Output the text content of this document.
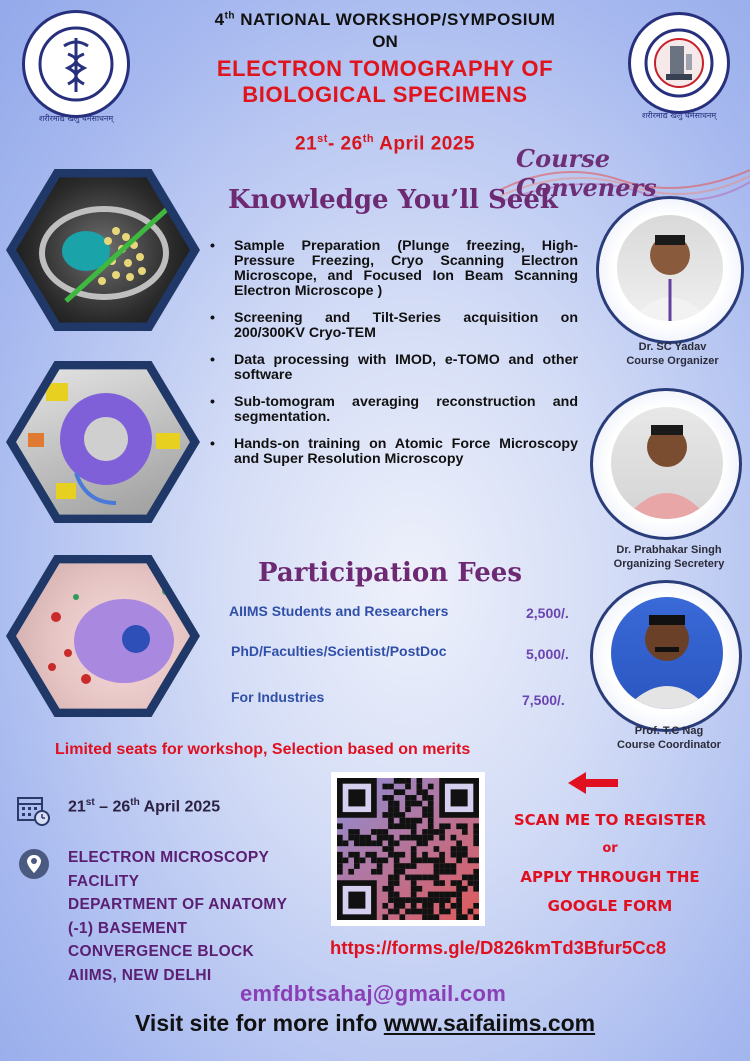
4th NATIONAL WORKSHOP/SYMPOSIUM
ON
ELECTRON TOMOGRAPHY OF
BIOLOGICAL SPECIMENS
21st- 26th April 2025
शरीरमाद्यं खलु धर्मसाधनम्	शरीरमाद्यं खलु धर्मसाधनम्
Course Conveners
Knowledge You’ll Seek
• Sample Preparation (Plunge freezing, High-Pressure Freezing, Cryo Scanning Electron Microscope, and Focused Ion Beam Scanning Electron Microscope )
• Screening and Tilt-Series acquisition on 200/300KV Cryo-TEM
• Data processing with IMOD, e-TOMO and other software
• Sub-tomogram averaging reconstruction and segmentation.
• Hands-on training on Atomic Force Microscopy and Super Resolution Microscopy
Participation Fees
AIIMS Students and Researchers	2,500/.
PhD/Faculties/Scientist/PostDoc	5,000/.
For Industries	7,500/.
Dr. SC Yadav
Course Organizer
Dr. Prabhakar Singh
Organizing Secretery
Prof. T.C Nag
Course Coordinator
Limited seats for workshop, Selection based on merits
21st – 26th April 2025
ELECTRON MICROSCOPY
FACILITY
DEPARTMENT OF ANATOMY
(-1) BASEMENT
CONVERGENCE BLOCK
AIIMS, NEW DELHI
SCAN ME TO REGISTER
or
APPLY THROUGH THE
GOOGLE FORM
https://forms.gle/D826kmTd3Bfur5Cc8
emfdbtsahaj@gmail.com
Visit site for more info www.saifaiims.com
